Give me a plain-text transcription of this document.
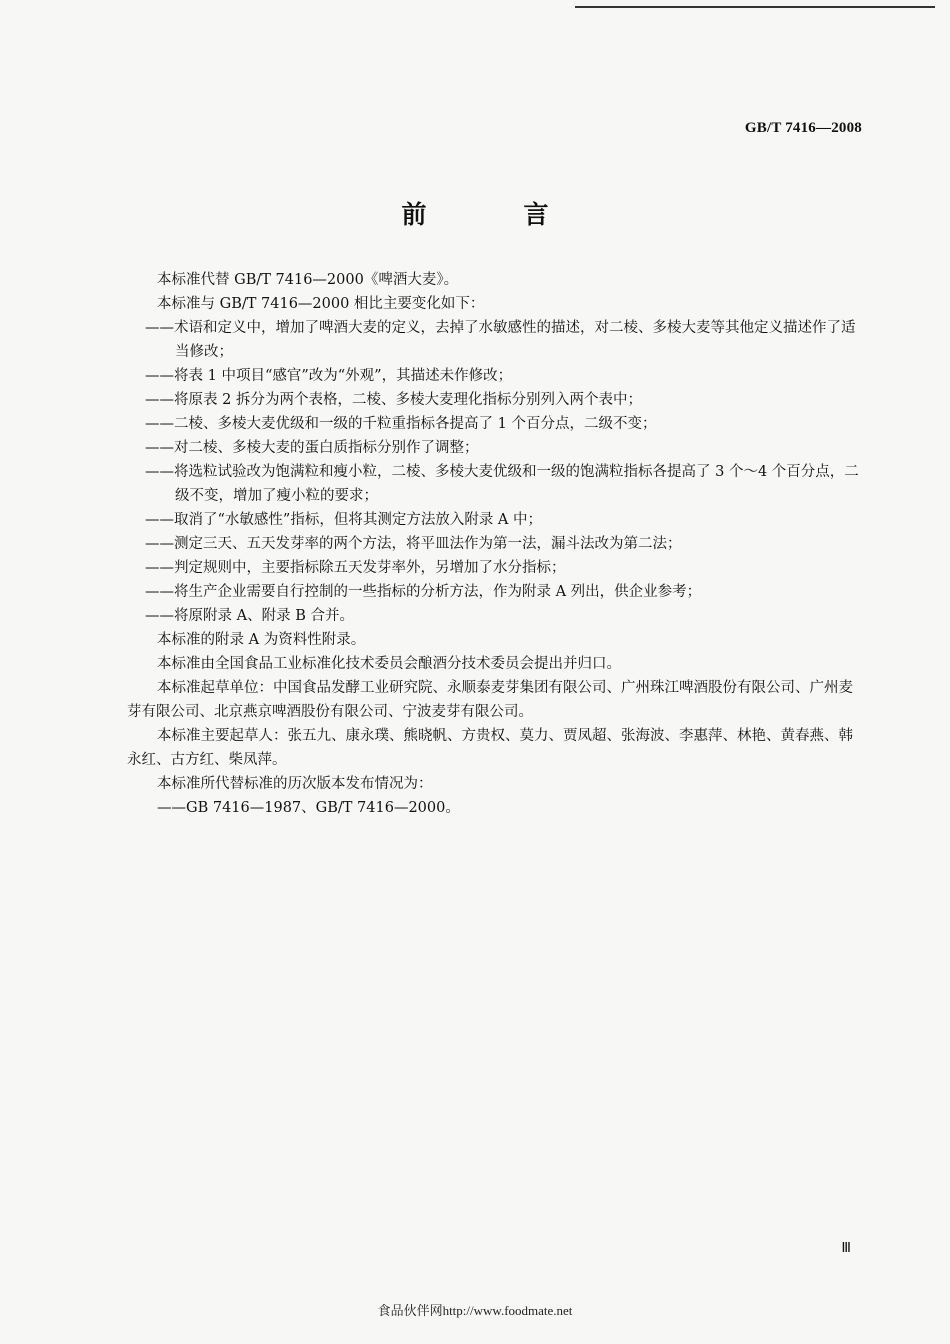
GB/T 7416—2008
前　言

本标准代替 GB/T 7416—2000《啤酒大麦》。

本标准与 GB/T 7416—2000 相比主要变化如下：

——术语和定义中，增加了啤酒大麦的定义，去掉了水敏感性的描述，对二棱、多棱大麦等其他定义描述作了适当修改；

——将表 1 中项目“感官”改为“外观”，其描述未作修改；

——将原表 2 拆分为两个表格，二棱、多棱大麦理化指标分别列入两个表中；

——二棱、多棱大麦优级和一级的千粒重指标各提高了 1 个百分点，二级不变；

——对二棱、多棱大麦的蛋白质指标分别作了调整；

——将选粒试验改为饱满粒和瘦小粒，二棱、多棱大麦优级和一级的饱满粒指标各提高了 3 个～4 个百分点，二级不变，增加了瘦小粒的要求；

——取消了“水敏感性”指标，但将其测定方法放入附录 A 中；

——测定三天、五天发芽率的两个方法，将平皿法作为第一法，漏斗法改为第二法；

——判定规则中，主要指标除五天发芽率外，另增加了水分指标；

——将生产企业需要自行控制的一些指标的分析方法，作为附录 A 列出，供企业参考；

——将原附录 A、附录 B 合并。

本标准的附录 A 为资料性附录。

本标准由全国食品工业标准化技术委员会酿酒分技术委员会提出并归口。

本标准起草单位：中国食品发酵工业研究院、永顺泰麦芽集团有限公司、广州珠江啤酒股份有限公司、广州麦芽有限公司、北京燕京啤酒股份有限公司、宁波麦芽有限公司。

本标准主要起草人：张五九、康永璞、熊晓帆、方贵权、莫力、贾凤超、张海波、李惠萍、林艳、黄春燕、韩永红、古方红、柴凤萍。

本标准所代替标准的历次版本发布情况为：

——GB 7416—1987、GB/T 7416—2000。

Ⅲ
食品伙伴网http://www.foodmate.net
